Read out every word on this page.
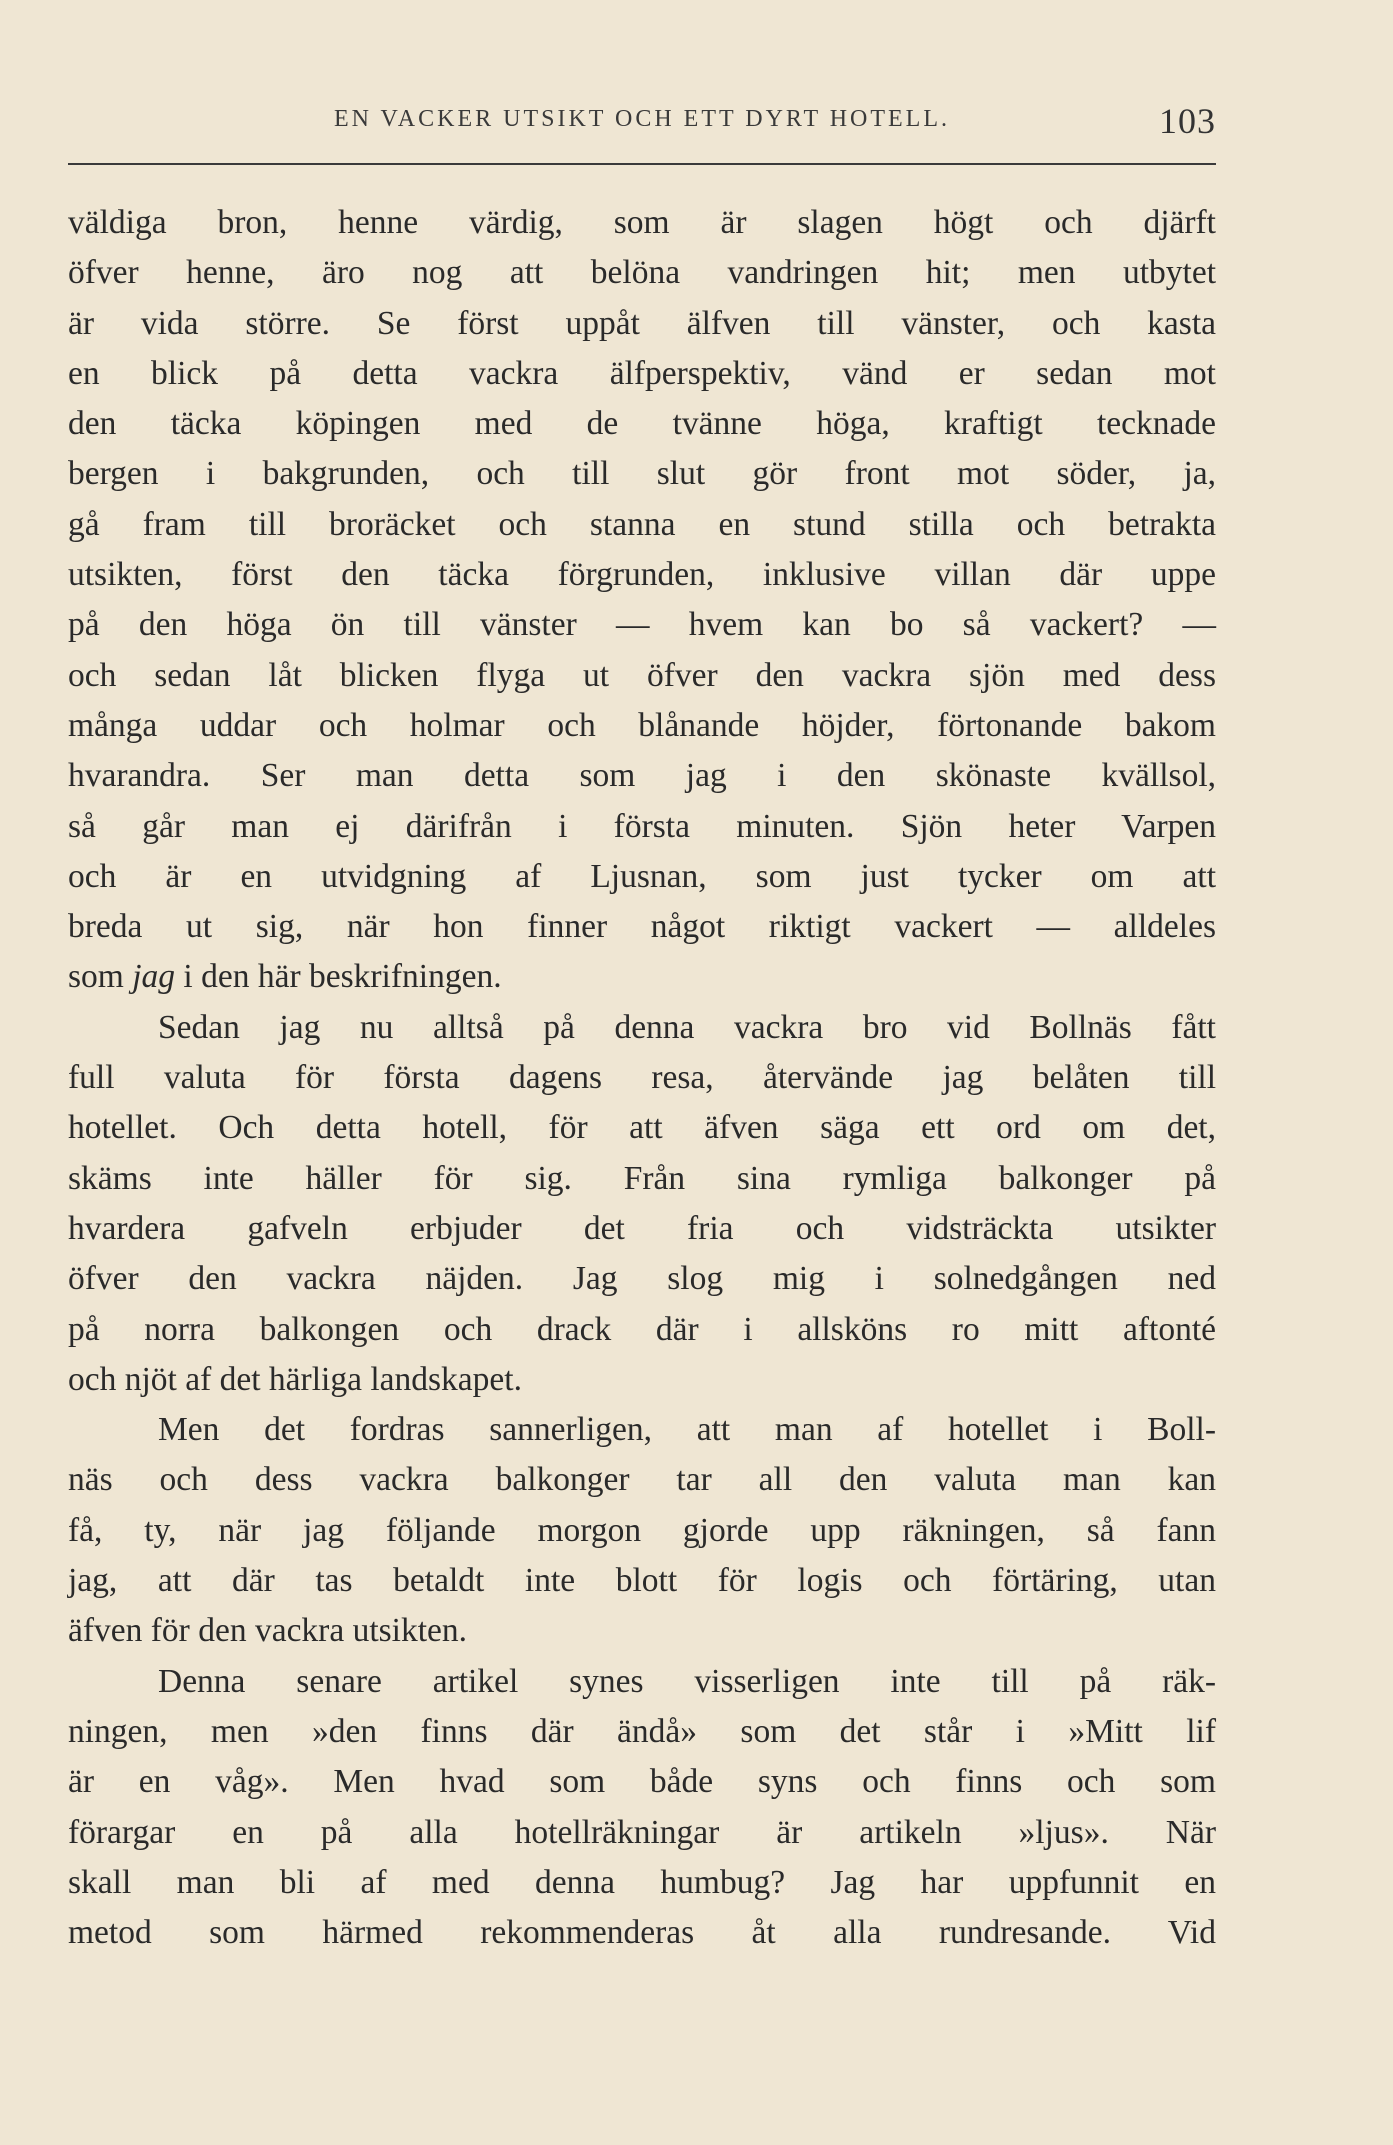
EN VACKER UTSIKT OCH ETT DYRT HOTELL.	103
väldiga bron, henne värdig, som är slagen högt och djärft
öfver henne, äro nog att belöna vandringen hit; men utbytet
är vida större. Se först uppåt älfven till vänster, och kasta
en blick på detta vackra älfperspektiv, vänd er sedan mot
den täcka köpingen med de tvänne höga, kraftigt tecknade
bergen i bakgrunden, och till slut gör front mot söder, ja,
gå fram till broräcket och stanna en stund stilla och betrakta
utsikten, först den täcka förgrunden, inklusive villan där uppe
på den höga ön till vänster — hvem kan bo så vackert? —
och sedan låt blicken flyga ut öfver den vackra sjön med dess
många uddar och holmar och blånande höjder, förtonande bakom
hvarandra. Ser man detta som jag i den skönaste kvällsol,
så går man ej därifrån i första minuten. Sjön heter Varpen
och är en utvidgning af Ljusnan, som just tycker om att
breda ut sig, när hon finner något riktigt vackert — alldeles
som jag i den här beskrifningen.
Sedan jag nu alltså på denna vackra bro vid Bollnäs fått
full valuta för första dagens resa, återvände jag belåten till
hotellet. Och detta hotell, för att äfven säga ett ord om det,
skäms inte häller för sig. Från sina rymliga balkonger på
hvardera gafveln erbjuder det fria och vidsträckta utsikter
öfver den vackra näjden. Jag slog mig i solnedgången ned
på norra balkongen och drack där i allsköns ro mitt aftonté
och njöt af det härliga landskapet.
Men det fordras sannerligen, att man af hotellet i Boll-
näs och dess vackra balkonger tar all den valuta man kan
få, ty, när jag följande morgon gjorde upp räkningen, så fann
jag, att där tas betaldt inte blott för logis och förtäring, utan
äfven för den vackra utsikten.
Denna senare artikel synes visserligen inte till på räk-
ningen, men »den finns där ändå» som det står i »Mitt lif
är en våg». Men hvad som både syns och finns och som
förargar en på alla hotellräkningar är artikeln »ljus». När
skall man bli af med denna humbug? Jag har uppfunnit en
metod som härmed rekommenderas åt alla rundresande. Vid
